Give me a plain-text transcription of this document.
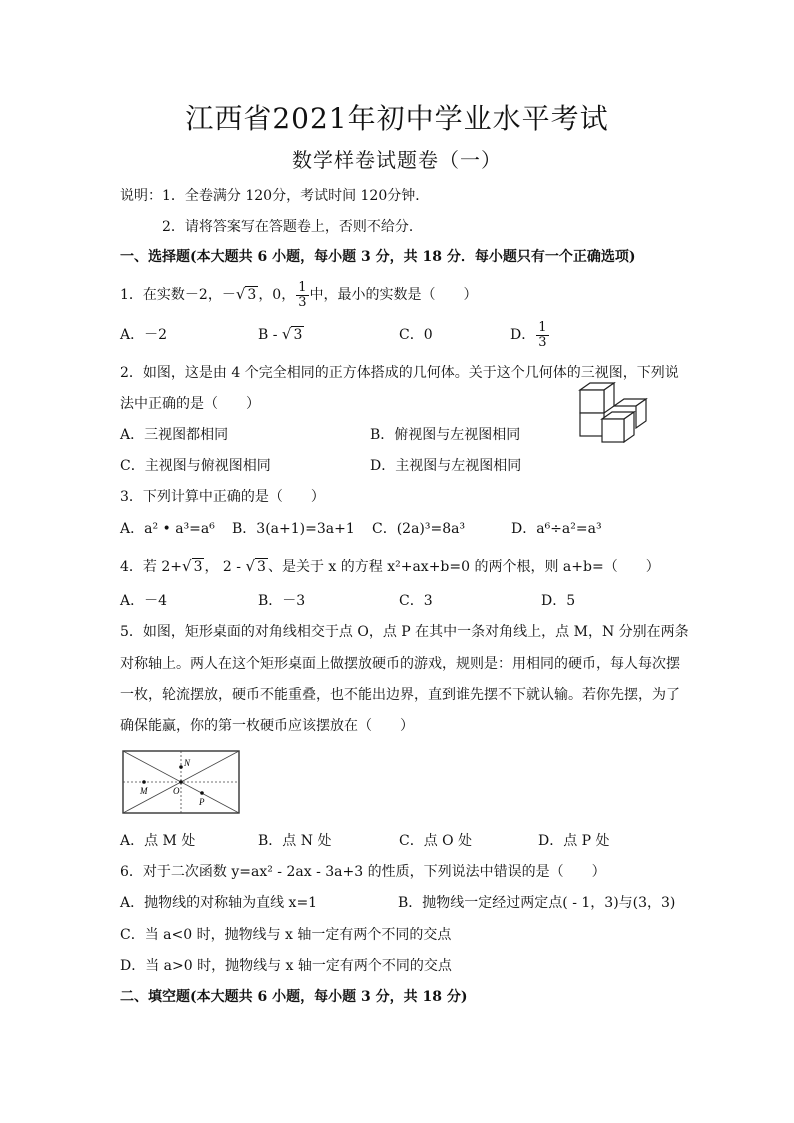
江西省2021年初中学业水平考试
数学样卷试题卷（一）
说明：1．全卷满分 120分，考试时间 120分钟．
2．请将答案写在答题卷上，否则不给分．
一、选择题(本大题共 6 小题，每小题 3 分，共 18 分．每小题只有一个正确选项)
1．在实数－2，－√ 3 ，0， $\frac{1}{3}$ 中，最小的实数是（　　）
A．－2	B - √ 3	C．0	D． $\frac{1}{3}$
2．如图，这是由 4 个完全相同的正方体搭成的几何体。关于这个几何体的三视图，下列说
法中正确的是（　　）
A．三视图都相同	B．俯视图与左视图相同
C．主视图与俯视图相同	D．主视图与左视图相同
3．下列计算中正确的是（　　）
A．a² • a³=a⁶ B．3(a+1)=3a+1 C．(2a)³=8a³	D．a⁶÷a²=a³
4．若 2+√ 3 ， 2 - √ 3 、是关于 x 的方程 x²+ax+b=0 的两个根，则 a+b=（　　）
A．－4	B．－3	C．3	D．5
5．如图，矩形桌面的对角线相交于点 O，点 P 在其中一条对角线上，点 M，N 分别在两条
对称轴上。两人在这个矩形桌面上做摆放硬币的游戏，规则是：用相同的硬币，每人每次摆
一枚，轮流摆放，硬币不能重叠，也不能出边界，直到谁先摆不下就认输。若你先摆，为了
确保能赢，你的第一枚硬币应该摆放在（　　）
N
M	O
P
A．点 M 处	B．点 N 处	C．点 O 处	D．点 P 处
6．对于二次函数 y=ax² - 2ax - 3a+3 的性质，下列说法中错误的是（　　）
A．抛物线的对称轴为直线 x=1	B．抛物线一定经过两定点( - 1，3)与(3，3)
C．当 a<0 时，抛物线与 x 轴一定有两个不同的交点
D．当 a>0 时，抛物线与 x 轴一定有两个不同的交点
二、填空题(本大题共 6 小题，每小题 3 分，共 18 分)
